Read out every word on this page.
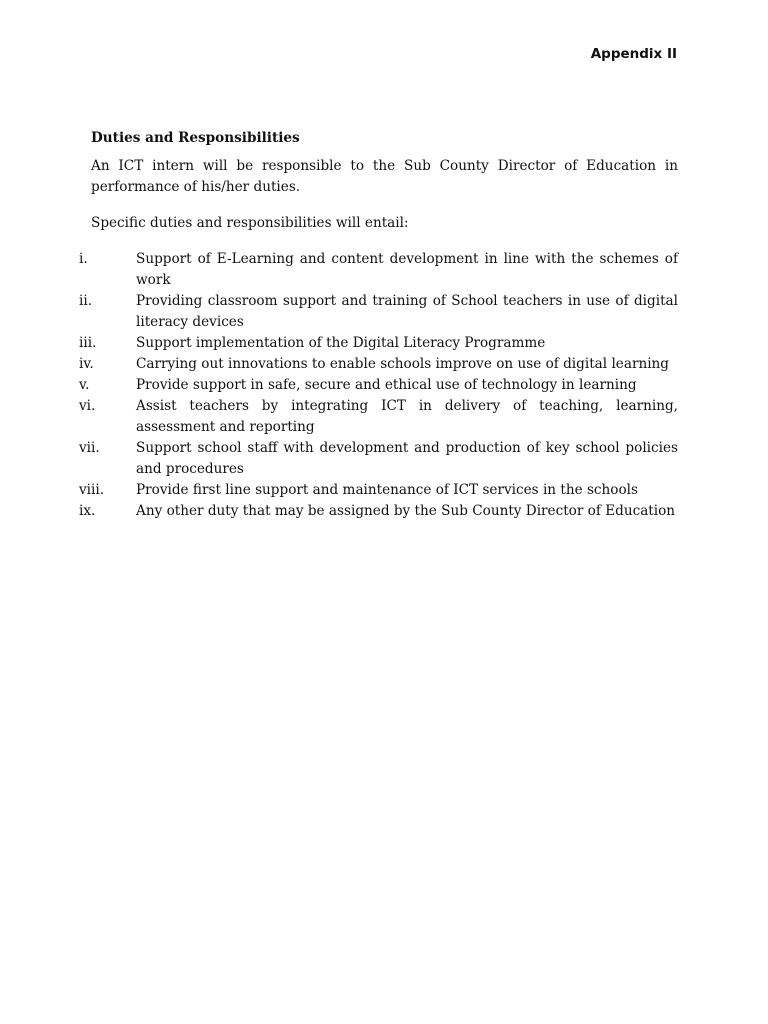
Appendix II
Duties and Responsibilities

An ICT intern will be responsible to the Sub County Director of Education in performance of his/her duties.

Specific duties and responsibilities will entail:

i.	Support of E-Learning and content development in line with the schemes of work
ii.	Providing classroom support and training of School teachers in use of digital literacy devices
iii.	Support implementation of the Digital Literacy Programme
iv.	Carrying out innovations to enable schools improve on use of digital learning
v.	Provide support in safe, secure and ethical use of technology in learning
vi.	Assist teachers by integrating ICT in delivery of teaching, learning, assessment and reporting
vii.	Support school staff with development and production of key school policies and procedures
viii.	Provide first line support and maintenance of ICT services in the schools
ix.	Any other duty that may be assigned by the Sub County Director of Education
